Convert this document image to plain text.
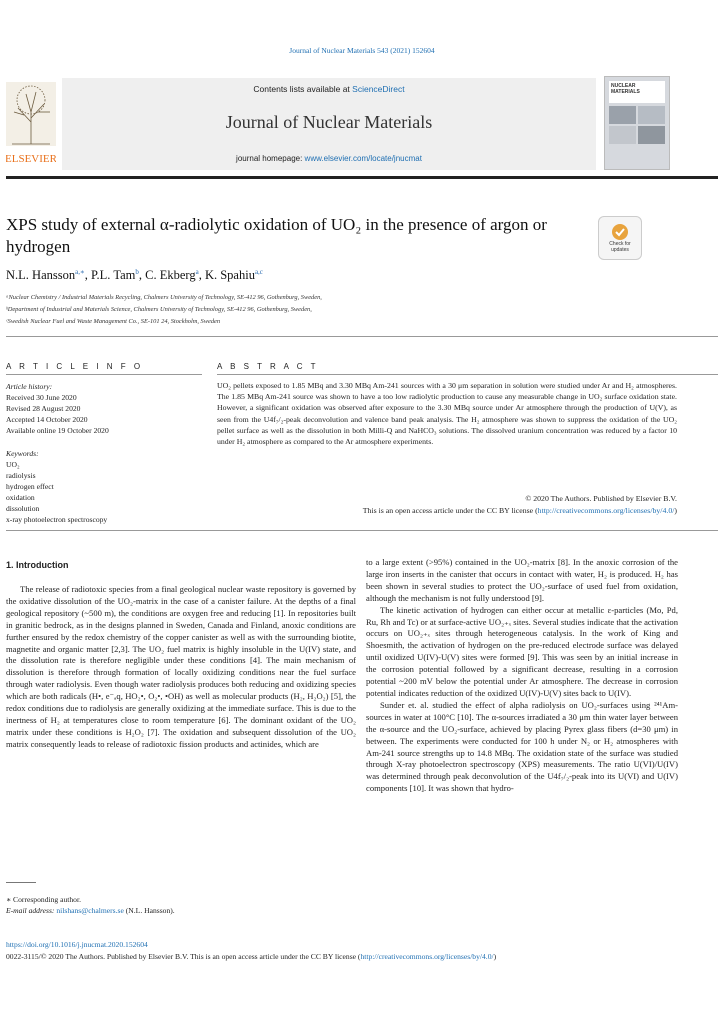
Journal of Nuclear Materials 543 (2021) 152604
ELSEVIER
Contents lists available at ScienceDirect
Journal of Nuclear Materials
journal homepage: www.elsevier.com/locate/jnucmat
NUCLEAR MATERIALS
XPS study of external α-radiolytic oxidation of UO₂ in the presence of argon or hydrogen	Check for
updates
N.L. Hansson$^{a,∗}$, P.L. Tam$^b$, C. Ekberg$^a$, K. Spahiu$^{a,c}$
ᵃNuclear Chemistry / Industrial Materials Recycling, Chalmers University of Technology, SE-412 96, Gothenburg, Sweden,
ᵇDepartment of Industrial and Materials Science, Chalmers University of Technology, SE-412 96, Gothenburg, Sweden,
ᶜSwedish Nuclear Fuel and Waste Management Co., SE-101 24, Stockholm, Sweden
A R T I C L E I N F O
Article history:
Received 30 June 2020
Revised 28 August 2020
Accepted 14 October 2020
Available online 19 October 2020
Keywords:
UO₂
radiolysis
hydrogen effect
oxidation
dissolution
x-ray photoelectron spectroscopy
A B S T R A C T
UO₂ pellets exposed to 1.85 MBq and 3.30 MBq Am-241 sources with a 30 μm separation in solution were studied under Ar and H₂ atmospheres. The 1.85 MBq Am-241 source was shown to have a too low radiolytic production to cause any measurable change in UO₂ surface oxidation state. However, a significant oxidation was observed after exposure to the 3.30 MBq source under Ar atmosphere through the production of U(V), as seen from the U4f₇/₂-peak deconvolution and valence band peak analysis. The H₂ atmosphere was shown to suppress the oxidation of the UO₂ pellet surface as well as the dissolution in both Milli-Q and NaHCO₃ solutions. The dissolved uranium concentration was reduced by a factor 10 under H₂ atmosphere as compared to the Ar atmosphere experiments.
© 2020 The Authors. Published by Elsevier B.V.
This is an open access article under the CC BY license (http://creativecommons.org/licenses/by/4.0/)
1. Introduction

The release of radiotoxic species from a final geological nuclear waste repository is governed by the oxidative dissolution of the UO₂-matrix in the case of a canister failure. At the depths of a final geological repository (~500 m), the conditions are oxygen free and reducing [1]. In repositories built in granitic bedrock, as in the designs planned in Sweden, Canada and Finland, anoxic conditions are further ensured by the redox chemistry of the copper canister as well as with the surrounding biotite, magnetite and organic matter [2,3]. The UO₂ fuel matrix is highly insoluble in the U(IV) state, and the dissolution rate is therefore negligible under these conditions [4]. The main mechanism of dissolution is therefore through formation of locally oxidizing conditions near the fuel surface through water radiolysis. Even though water radiolysis produces both reducing and oxidizing species which are both radicals (H•, e⁻ₐq, HO₂•, O₂•, •OH) as well as molecular products (H₂, H₂O₂) [5], the redox conditions due to radiolysis are generally oxidizing at the immediate surface. This is due to the inertness of H₂ at temperatures close to room temperature [6]. The dominant oxidant of the UO₂ matrix under these conditions is H₂O₂ [7]. The oxidation and subsequent dissolution of the UO₂ matrix consequently leads to release of radiotoxic fission products and actinides, which are

to a large extent (>95%) contained in the UO₂-matrix [8]. In the anoxic corrosion of the large iron inserts in the canister that occurs in contact with water, H₂ is produced. H₂ has been shown in several studies to protect the UO₂-surface of used fuel from oxidation, although the mechanism is not fully understood [9].

The kinetic activation of hydrogen can either occur at metallic ε-particles (Mo, Pd, Ru, Rh and Tc) or at surface-active UO₂₊ₓ sites. Several studies indicate that the activation occurs on UO₂₊ₓ sites through heterogeneous catalysis. In the work of King and Shoesmith, the activation of hydrogen on the pre-reduced electrode surface was delayed until oxidized U(IV)-U(V) sites were formed [9]. This was seen by an initial increase in the corrosion potential followed by a significant decrease, resulting in a corrosion potential ~200 mV below the potential under Ar atmosphere. The decrease in corrosion potential indicates reduction of the oxidized U(IV)-U(V) sites back to U(IV).

Sunder et. al. studied the effect of alpha radiolysis on UO₂-surfaces using ²⁴¹Am-sources in water at 100°C [10]. The α-sources irradiated a 30 μm thin water layer between the α-source and the UO₂-surface, achieved by placing Pyrex glass fibers (d=30 μm) in between. The experiments were conducted for 100 h under N₂ or H₂ atmospheres with Am-241 source strengths up to 14.8 MBq. The oxidation state of the surface was studied through X-ray photoelectron spectroscopy (XPS) measurements. The ratio U(VI)/U(IV) was determined through peak deconvolution of the U4f₇/₂-peak into its U(VI) and U(IV) components [10]. It was shown that hydro-

∗ Corresponding author.
E-mail address: nilshans@chalmers.se (N.L. Hansson).
https://doi.org/10.1016/j.jnucmat.2020.152604
0022-3115/© 2020 The Authors. Published by Elsevier B.V. This is an open access article under the CC BY license (http://creativecommons.org/licenses/by/4.0/)
